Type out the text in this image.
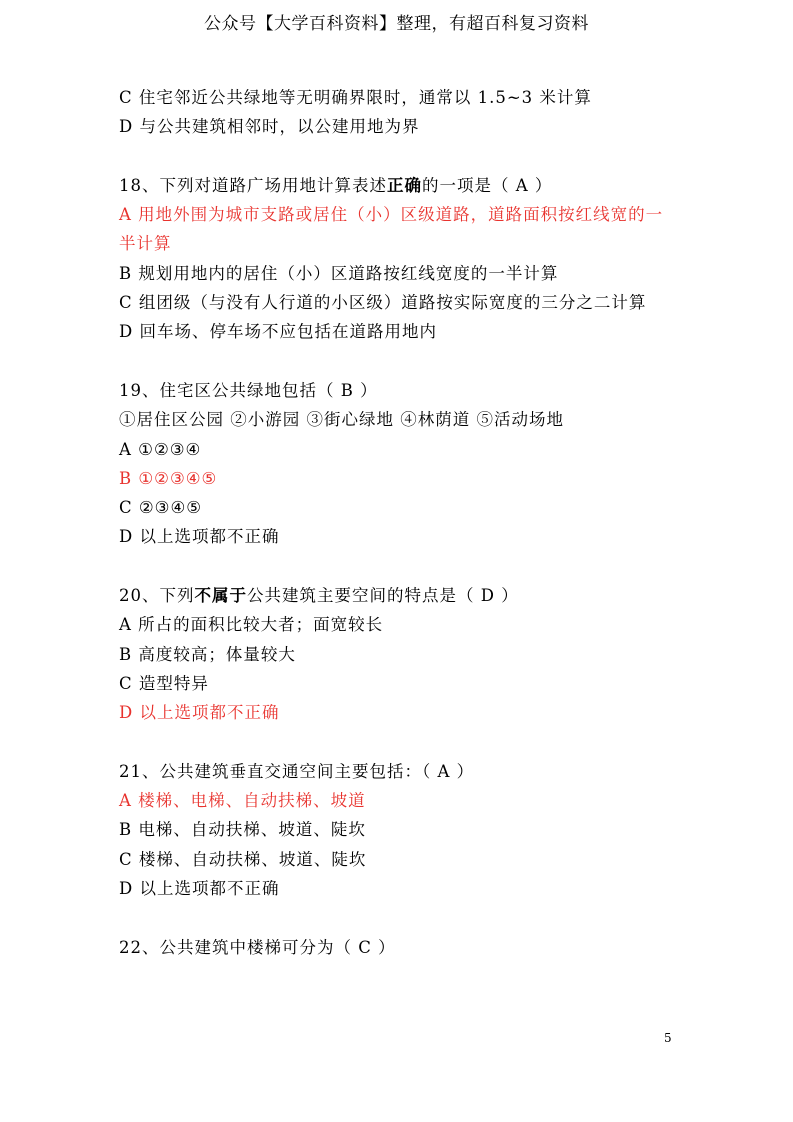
公众号【大学百科资料】整理，有超百科复习资料

C 住宅邻近公共绿地等无明确界限时，通常以 1.5~3 米计算

D 与公共建筑相邻时，以公建用地为界

18、下列对道路广场用地计算表述正确的一项是（ A ）

A 用地外围为城市支路或居住（小）区级道路，道路面积按红线宽的一半计算

B 规划用地内的居住（小）区道路按红线宽度的一半计算

C 组团级（与没有人行道的小区级）道路按实际宽度的三分之二计算

D 回车场、停车场不应包括在道路用地内

19、住宅区公共绿地包括（ B ）

①居住区公园 ②小游园 ③街心绿地 ④林荫道 ⑤活动场地

A ①②③④

B ①②③④⑤

C ②③④⑤

D 以上选项都不正确

20、下列不属于公共建筑主要空间的特点是（ D ）

A 所占的面积比较大者；面宽较长

B 高度较高；体量较大

C 造型特异

D 以上选项都不正确

21、公共建筑垂直交通空间主要包括：（ A ）

A 楼梯、电梯、自动扶梯、坡道

B 电梯、自动扶梯、坡道、陡坎

C 楼梯、自动扶梯、坡道、陡坎

D 以上选项都不正确

22、公共建筑中楼梯可分为（ C ）

5
